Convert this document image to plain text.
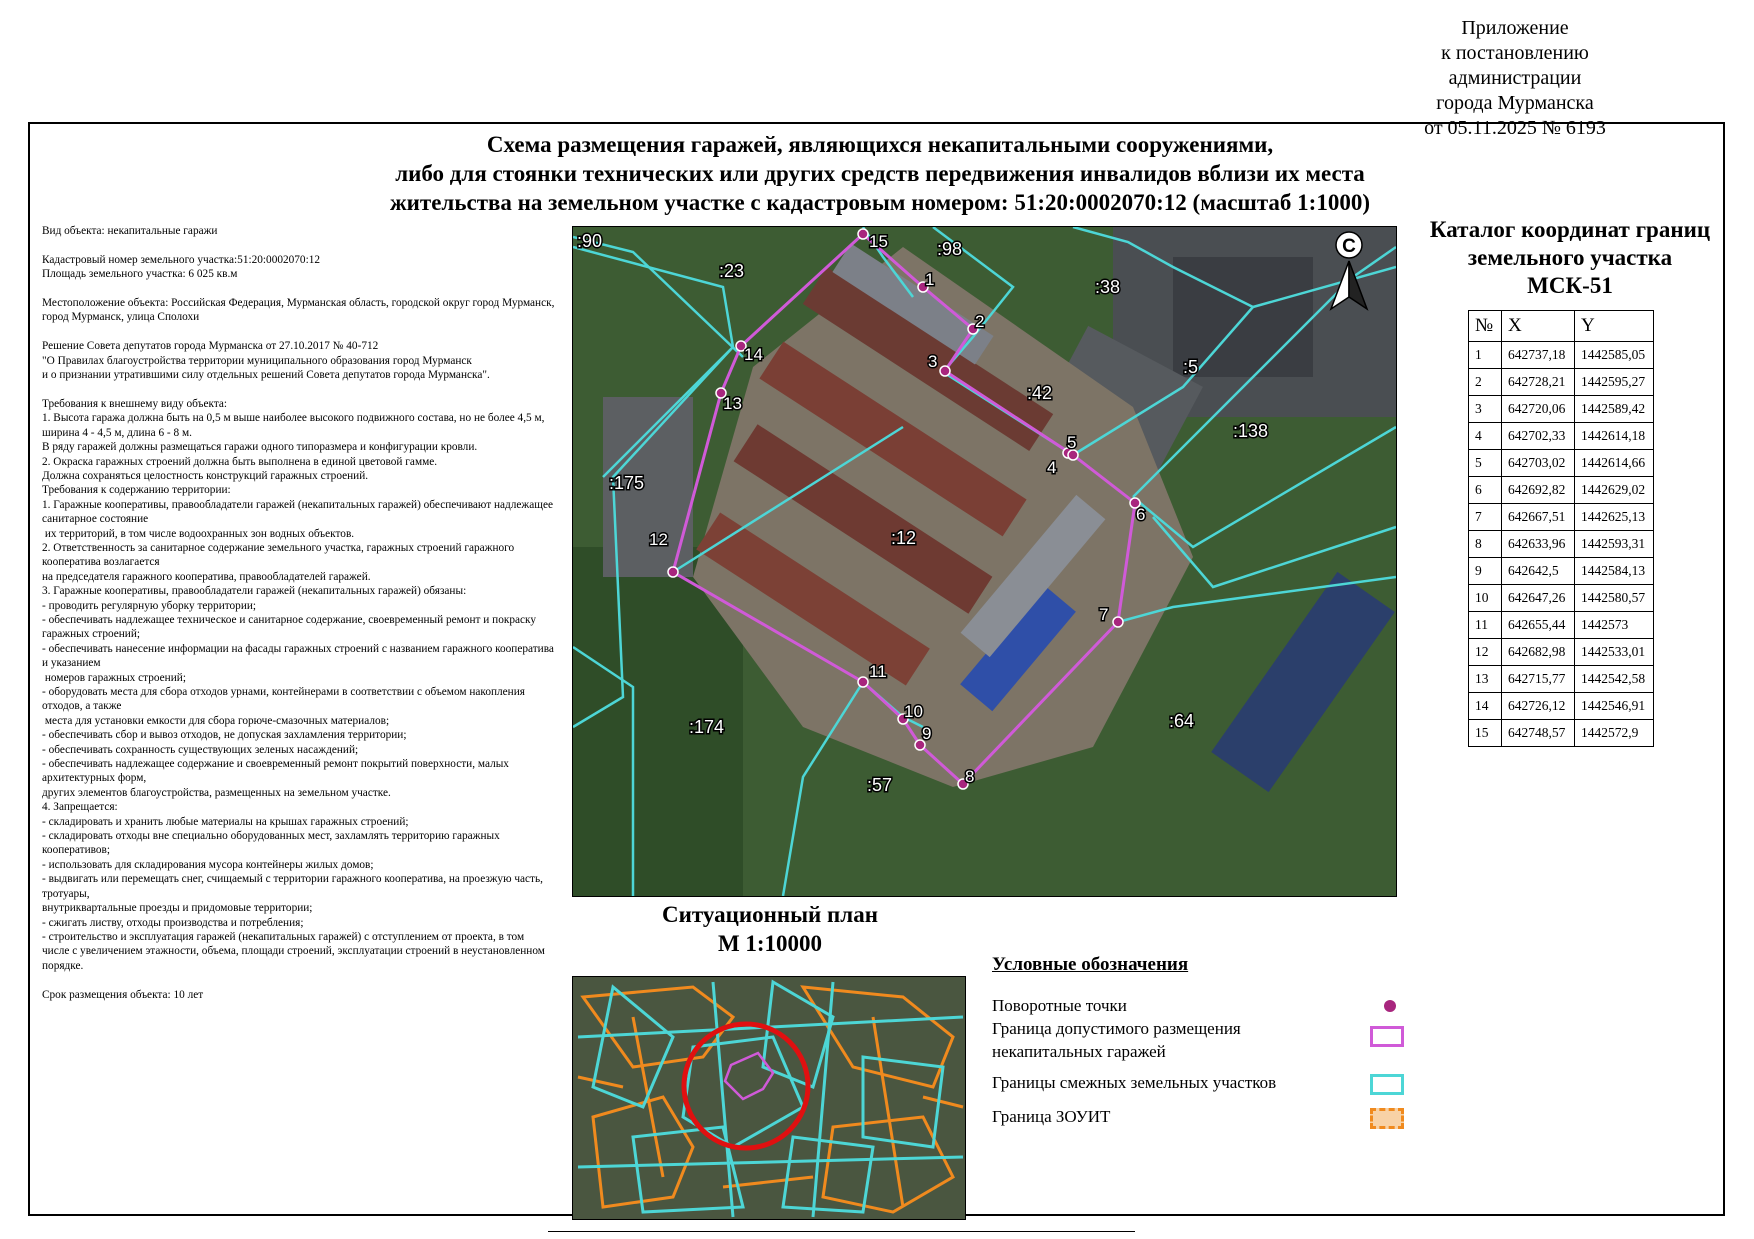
Приложение
к постановлению администрации
города Мурманска
от 05.11.2025 № 6193
Схема размещения гаражей, являющихся некапитальными сооружениями,
либо для стоянки технических или других средств передвижения инвалидов вблизи их места
жительства на земельном участке с кадастровым номером: 51:20:0002070:12 (масштаб 1:1000)
Вид объекта: некапитальные гаражи

Кадастровый номер земельного участка:51:20:0002070:12
Площадь земельного участка: 6 025 кв.м

Местоположение объекта: Российская Федерация, Мурманская область, городской округ город Мурманск, город Мурманск, улица Сполохи

Решение Совета депутатов города Мурманска от 27.10.2017 № 40-712
"О Правилах благоустройства территории муниципального образования город Мурманск
и о признании утратившими силу отдельных решений Совета депутатов города Мурманска".

Требования к внешнему виду объекта:
1. Высота гаража должна быть на 0,5 м выше наиболее высокого подвижного состава, но не более 4,5 м,
ширина 4 - 4,5 м, длина 6 - 8 м.
В ряду гаражей должны размещаться гаражи одного типоразмера и конфигурации кровли.
2. Окраска гаражных строений должна быть выполнена в единой цветовой гамме.
Должна сохраняться целостность конструкций гаражных строений.
Требования к содержанию территории:
1. Гаражные кооперативы, правообладатели гаражей (некапитальных гаражей) обеспечивают надлежащее санитарное состояние
их территорий, в том числе водоохранных зон водных объектов.
2. Ответственность за санитарное содержание земельного участка, гаражных строений гаражного кооператива возлагается
на председателя гаражного кооператива, правообладателей гаражей.
3. Гаражные кооперативы, правообладатели гаражей (некапитальных гаражей) обязаны:
- проводить регулярную уборку территории;
- обеспечивать надлежащее техническое и санитарное содержание, своевременный ремонт и покраску гаражных строений;
- обеспечивать нанесение информации на фасады гаражных строений с названием гаражного кооператива и указанием
номеров гаражных строений;
- оборудовать места для сбора отходов урнами, контейнерами в соответствии с объемом накопления отходов, а также
места для установки емкости для сбора горюче-смазочных материалов;
- обеспечивать сбор и вывоз отходов, не допуская захламления территории;
- обеспечивать сохранность существующих зеленых насаждений;
- обеспечивать надлежащее содержание и своевременный ремонт покрытий поверхности, малых архитектурных форм,
других элементов благоустройства, размещенных на земельном участке.
4. Запрещается:
- складировать и хранить любые материалы на крышах гаражных строений;
- складировать отходы вне специально оборудованных мест, захламлять территорию гаражных кооперативов;
- использовать для складирования мусора контейнеры жилых домов;
- выдвигать или перемещать снег, счищаемый с территории гаражного кооператива, на проезжую часть, тротуары,
внутриквартальные проезды и придомовые территории;
- сжигать листву, отходы производства и потребления;
- строительство и эксплуатация гаражей (некапитальных гаражей) с отступлением от проекта, в том
числе с увеличением этажности, объема, площади строений, эксплуатации строений в неустановленном порядке.

Срок размещения объекта: 10 лет
1
2
3
4
5
6
7
8
9
10
11
12
13
14
15
:90	:98
:23
:38
:5
:42
:138
:175
:12
:174
:57
:64
С
Ситуационный план
М 1:10000
Каталог координат границ
земельного участка
МСК-51
№	X	Y
1	642737,18	1442585,05
2	642728,21	1442595,27
3	642720,06	1442589,42
4	642702,33	1442614,18
5	642703,02	1442614,66
6	642692,82	1442629,02
7	642667,51	1442625,13
8	642633,96	1442593,31
9	642642,5	1442584,13
10	642647,26	1442580,57
11	642655,44	1442573
12	642682,98	1442533,01
13	642715,77	1442542,58
14	642726,12	1442546,91
15	642748,57	1442572,9
Условные обозначения
Поворотные точки
Граница допустимого размещения
некапитальных гаражей
Границы смежных земельных участков
Граница ЗОУИТ
